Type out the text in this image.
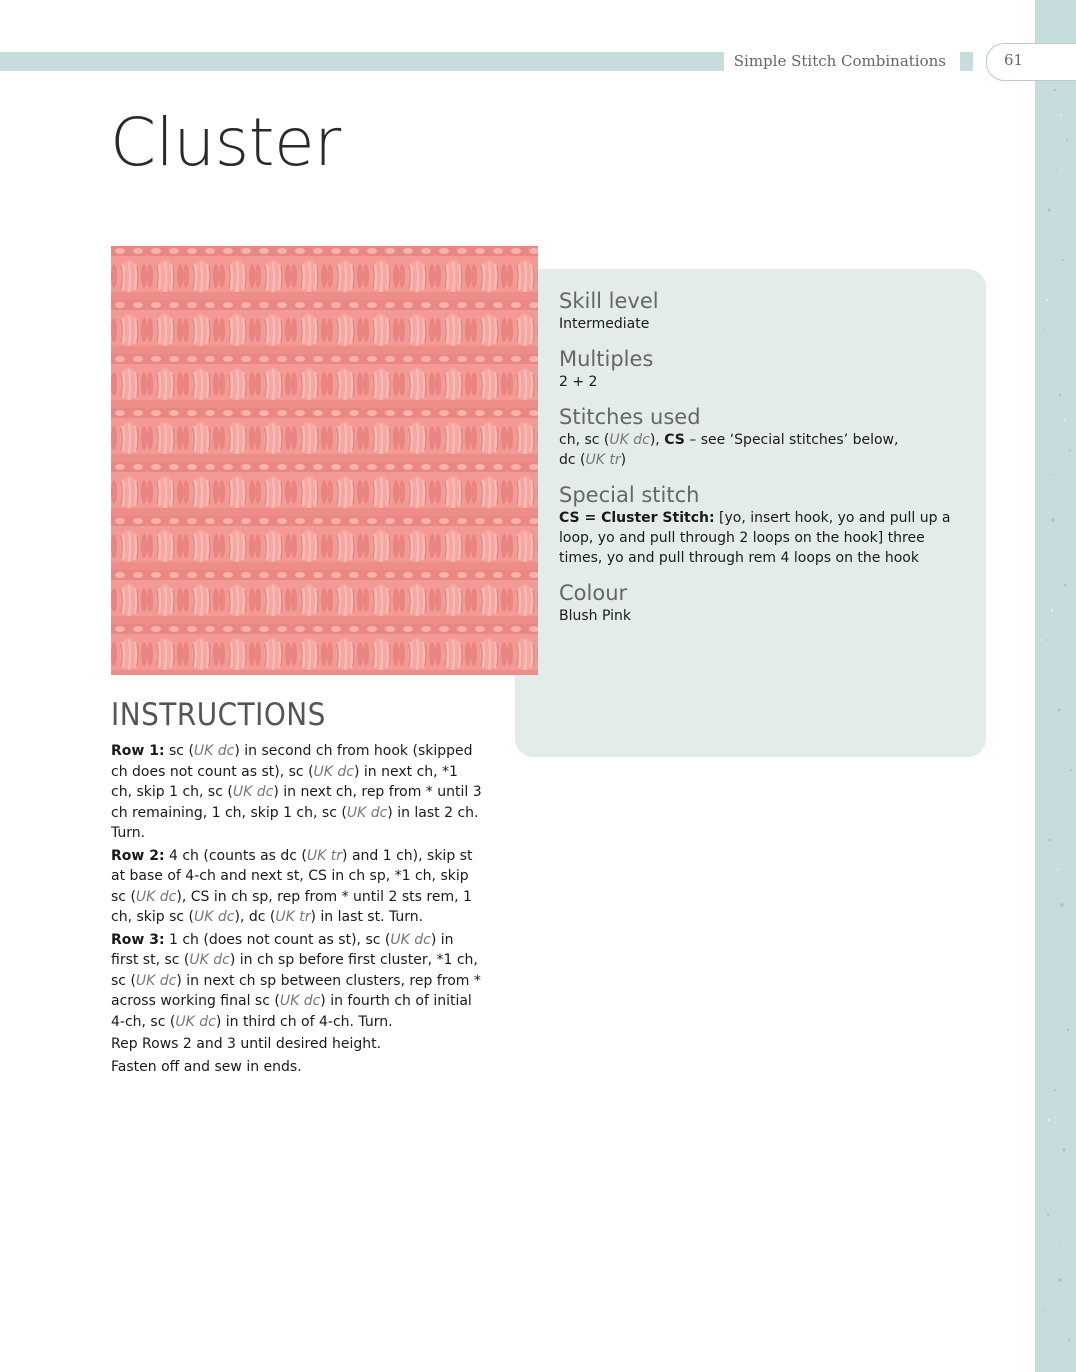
Simple Stitch Combinations	61
Cluster

Skill level

Intermediate

Multiples

2 + 2

Stitches used

ch, sc (UK dc), CS – see ‘Special stitches’ below,
dc (UK tr)

Special stitch

CS = Cluster Stitch: [yo, insert hook, yo and pull up a loop, yo and pull through 2 loops on the hook] three times, yo and pull through rem 4 loops on the hook

Colour

Blush Pink

INSTRUCTIONS

Row 1: sc (UK dc) in second ch from hook (skipped ch does not count as st), sc (UK dc) in next ch, *1 ch, skip 1 ch, sc (UK dc) in next ch, rep from * until 3 ch remaining, 1 ch, skip 1 ch, sc (UK dc) in last 2 ch. Turn.

Row 2: 4 ch (counts as dc (UK tr) and 1 ch), skip st at base of 4-ch and next st, CS in ch sp, *1 ch, skip sc (UK dc), CS in ch sp, rep from * until 2 sts rem, 1 ch, skip sc (UK dc), dc (UK tr) in last st. Turn.

Row 3: 1 ch (does not count as st), sc (UK dc) in first st, sc (UK dc) in ch sp before first cluster, *1 ch, sc (UK dc) in next ch sp between clusters, rep from * across working final sc (UK dc) in fourth ch of initial 4-ch, sc (UK dc) in third ch of 4-ch. Turn.

Rep Rows 2 and 3 until desired height.

Fasten off and sew in ends.
